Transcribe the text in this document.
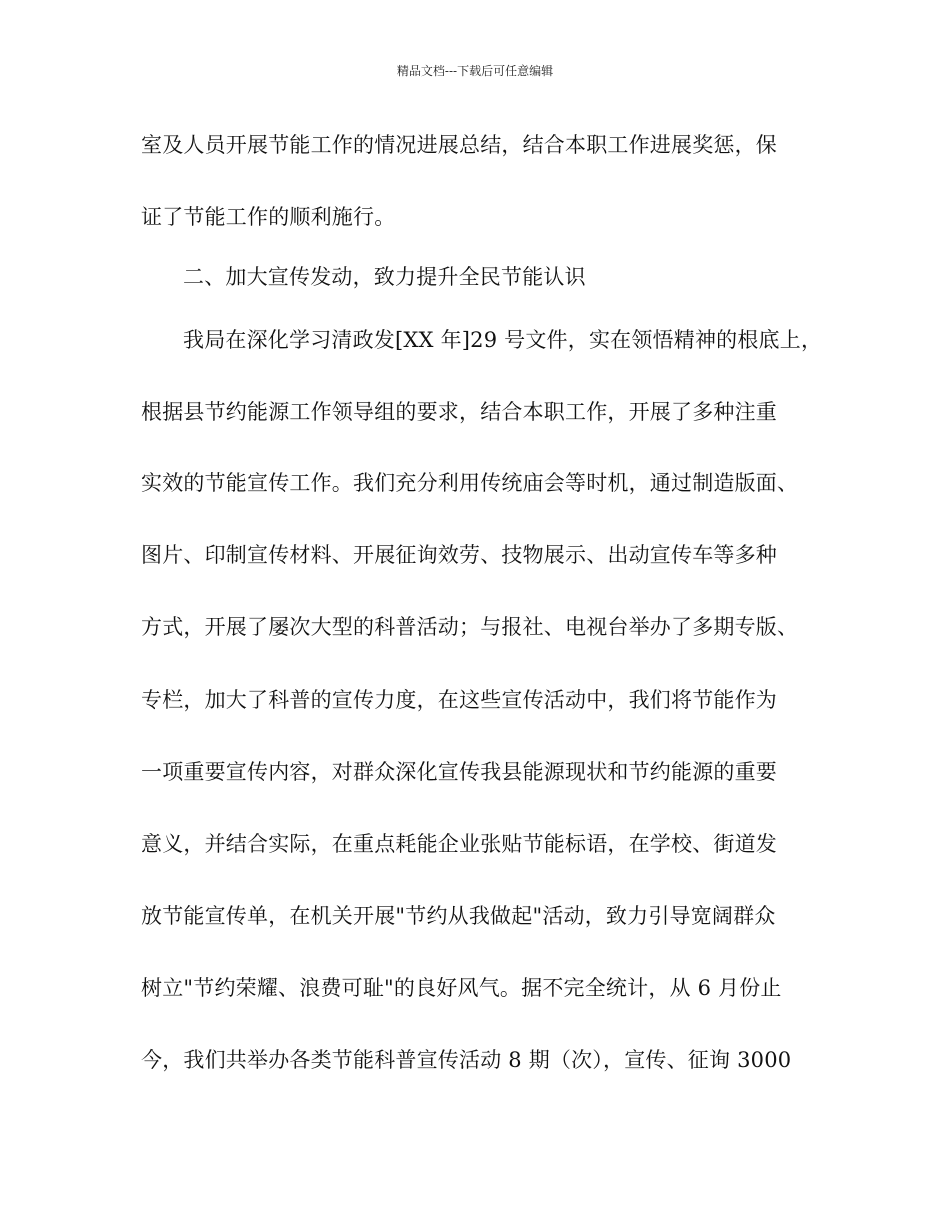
精品文档---下载后可任意编辑
室及人员开展节能工作的情况进展总结，结合本职工作进展奖惩，保
证了节能工作的顺利施行。
二、加大宣传发动，致力提升全民节能认识
我局在深化学习清政发[XX 年]29 号文件，实在领悟精神的根底上，
根据县节约能源工作领导组的要求，结合本职工作，开展了多种注重
实效的节能宣传工作。我们充分利用传统庙会等时机，通过制造版面、
图片、印制宣传材料、开展征询效劳、技物展示、出动宣传车等多种
方式，开展了屡次大型的科普活动；与报社、电视台举办了多期专版、
专栏，加大了科普的宣传力度，在这些宣传活动中，我们将节能作为
一项重要宣传内容，对群众深化宣传我县能源现状和节约能源的重要
意义，并结合实际，在重点耗能企业张贴节能标语，在学校、街道发
放节能宣传单，在机关开展"节约从我做起"活动，致力引导宽阔群众
树立"节约荣耀、浪费可耻"的良好风气。据不完全统计，从 6 月份止
今，我们共举办各类节能科普宣传活动 8 期（次），宣传、征询 3000
